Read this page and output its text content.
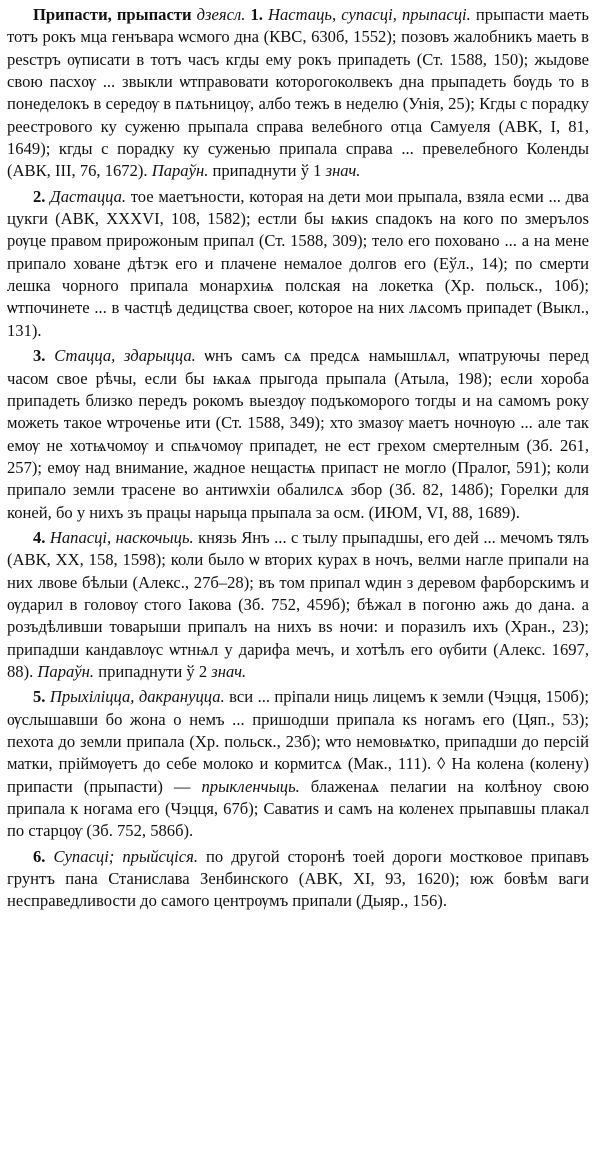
Припасти, прыпасти дзеясл. 1. Настаць, супасці, прыпасці. прыпасти маеть тотъ рокъ мца генъвара ѡсмого дна (КВС, 630б, 1552); позовъ жалобникъ маеть в реѕстръ ѹписати в тотъ часъ кгды ему рокъ припадеть (Ст. 1588, 150); жыдове свою пасхѹ ... звыкли ѡтправовати которогоколвекъ дна прыпадеть бѹдь то в понеделокъ в середѹ в пѧтьницѹ, албо тежъ в неделю (Унія, 25); Кгды с порадку реестрового ку суженю прыпала справа велебного отца Самуеля (АВК, I, 81, 1649); кгды с порадку ку суженью припала справа ... превелебного Коленды (АВК, III, 76, 1672). Параўн. припаднути ў 1 знач.

2. Дастацца. тое маетъности, которая на дети мои прыпала, взяла есми ... два цукги (АВК, XXXVI, 108, 1582); естли бы ѩкиѕ спадокъ на кого по змерълоѕ рѹце правом прирожоным припал (Ст. 1588, 309); тело его поховано ... а на мене припало хованe дѣтэк его и плачене немалое долгов его (Еўл., 14); по смерти лешка чорного припала монархиѩ полская на локетка (Хр. польск., 10б); ѡтпочинете ... в частцѣ дедицства своег, которое на них лѧсомъ припадет (Выкл., 131).

3. Стацца, здарыцца. ѡнъ самъ сѧ предсѧ намышлѧл, ѡпатруючы перед часом свое рѣчы, если бы ѩкаѧ прыгода прыпала (Атыла, 198); если хороба припадеть близко передъ рокомъ выездѹ подъкоморого тогды и на самомъ року можеть такое ѡтроченье ити (Ст. 1588, 349); хто змазѹ маетъ ночнѹю ... але так емѹ не хотѩчомѹ и спѩчомѹ припадет, не ест грехом смертелным (Зб. 261, 257); емѹ над внимание, жадное нещастѩ припаст не могло (Пралог, 591); коли припало земли трасене во антиѡхіи обалилсѧ збор (Зб. 82, 148б); Горелки для коней, бо у нихъ зъ працы нарыца прыпала за осм. (ИЮМ, VI, 88, 1689).

4. Напасці, наскочыць. князь Янъ ... с тылу прыпадшы, его дей ... мечомъ тялъ (АВК, XX, 158, 1598); коли было ѡ вторих курах в ночъ, велми нагле припали на них лвове бѣлыи (Алекс., 27б–28); въ том припал ѡдин з деревом фарборскимъ и ѹдарил в головѹ стого Іакова (Зб. 752, 459б); бѣжал в погоню ажь до дана. а розъдѣливши товарыши припалъ на нихъ вѕ ночи: и поразилъ ихъ (Хран., 23); припадши кандавлѹс ѡтнѩл у дарифа мечъ, и хотѣлъ его ѹбити (Алекс. 1697, 88). Параўн. припаднути ў 2 знач.

5. Прыхіліцца, дакрануцца. вси ... пріпали ниць лицемъ к земли (Чэцця, 150б); ѹслышавши бо жона о немъ ... пришодши припала кѕ ногамъ его (Цяп., 53); пехота до земли припала (Хр. польск., 23б); ѡто немовѩтко, припадши до персій матки, пріймѹетъ до себе молоко и кормитсѧ (Мак., 111). ◊ На колена (колену) припасти (прыпасти) — прыкленчыць. блаженаѧ пелагии на колѣноу свою припала к ногама его (Чэцця, 67б); Саватиѕ и самъ на коленех прыпавшы плакал по старцѹ (Зб. 752, 586б).

6. Супасці; прыйсціся. по другой сторонѣ тоей дороги мостковое припавъ грунтъ пана Станислава Зенбинского (АВК, XI, 93, 1620); юж бовѣм ваги несправедливости до самого центрѹмъ припали (Дыяр., 156).
